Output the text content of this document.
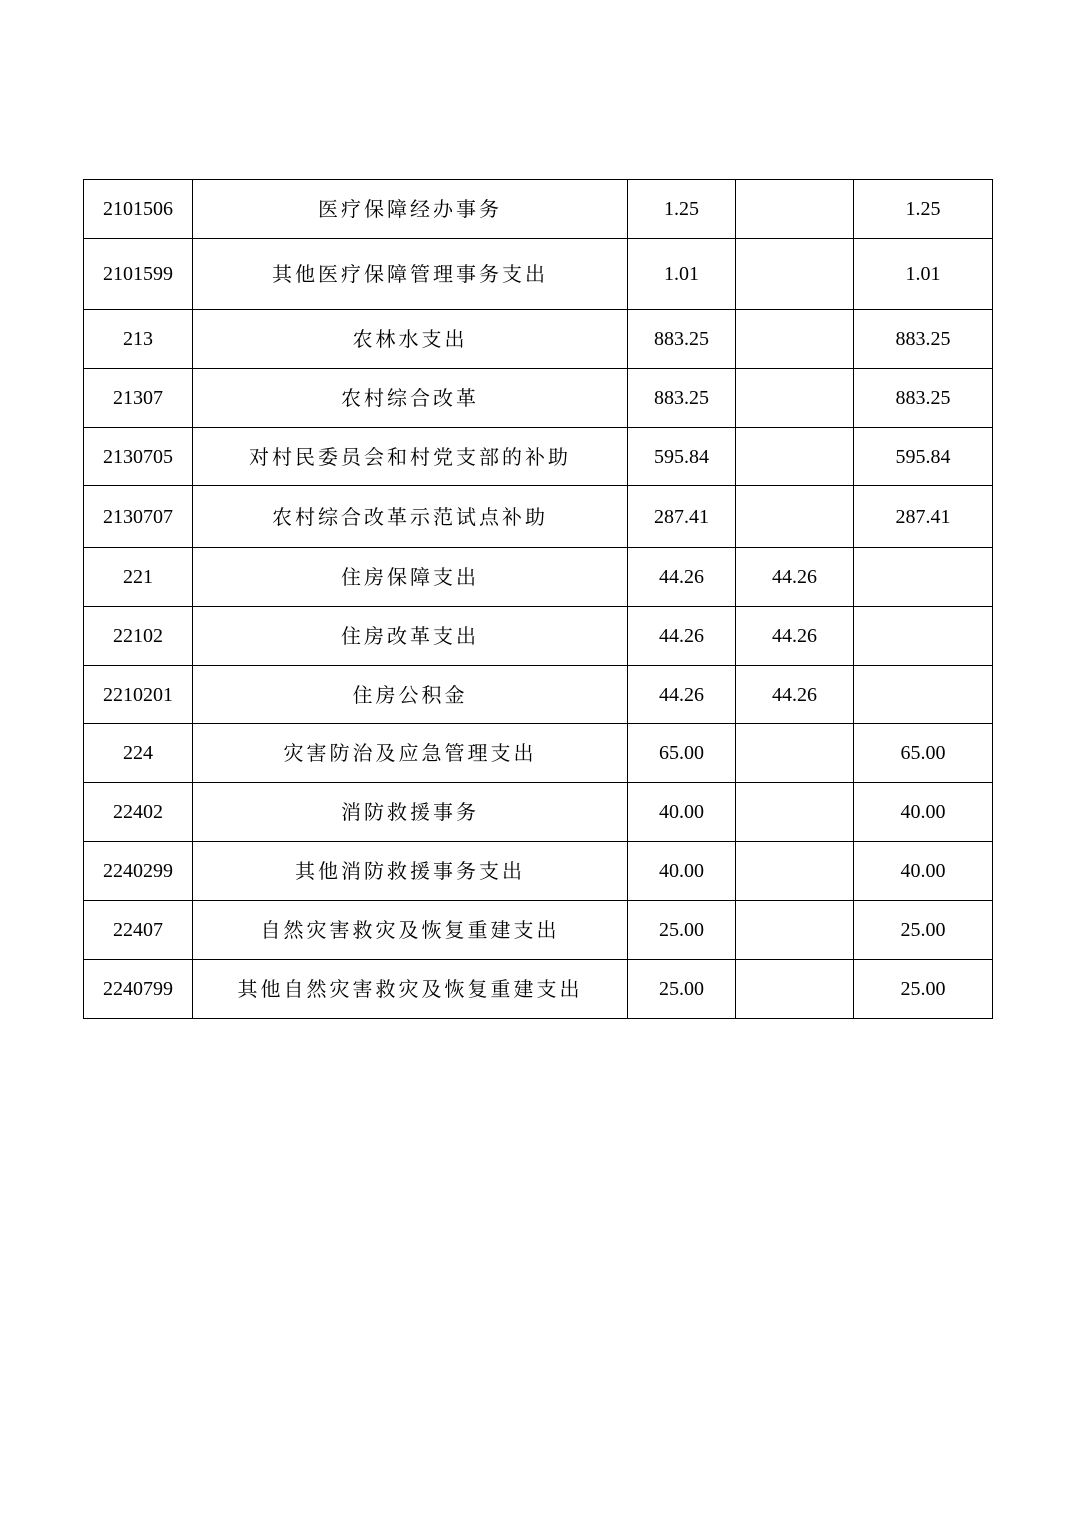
2101506	医疗保障经办事务	1.25		1.25
2101599	其他医疗保障管理事务支出	1.01		1.01
213	农林水支出	883.25		883.25
21307	农村综合改革	883.25		883.25
2130705	对村民委员会和村党支部的补助	595.84		595.84
2130707	农村综合改革示范试点补助	287.41		287.41
221	住房保障支出	44.26	44.26	
22102	住房改革支出	44.26	44.26	
2210201	住房公积金	44.26	44.26	
224	灾害防治及应急管理支出	65.00		65.00
22402	消防救援事务	40.00		40.00
2240299	其他消防救援事务支出	40.00		40.00
22407	自然灾害救灾及恢复重建支出	25.00		25.00
2240799	其他自然灾害救灾及恢复重建支出	25.00		25.00
